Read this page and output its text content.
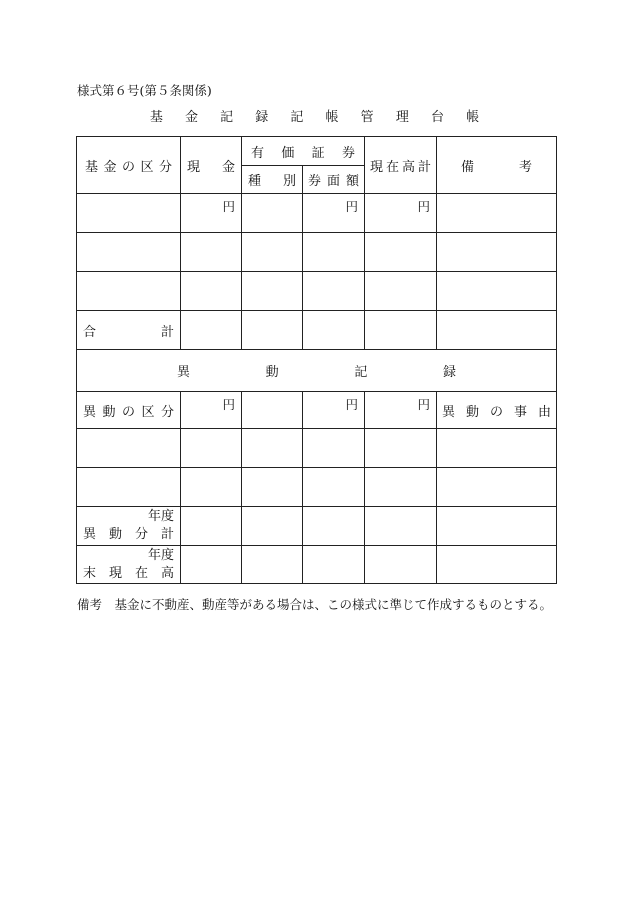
様式第６号(第５条関係)
基 金 記 録 記 帳 管 理 台 帳
基 金 の 区 分	現 金	有 価 証 券		現 在 高 計	備 考

		種 別	券 面 額		

	円		円	円	

合 計					

異 動 記 録					

異 動 の 区 分	円		円	円	異 動 の 事 由

年度
異 動 分 計					

年度
末 現 在 高					

備考　基金に不動産、動産等がある場合は、この様式に準じて作成するものとする。
